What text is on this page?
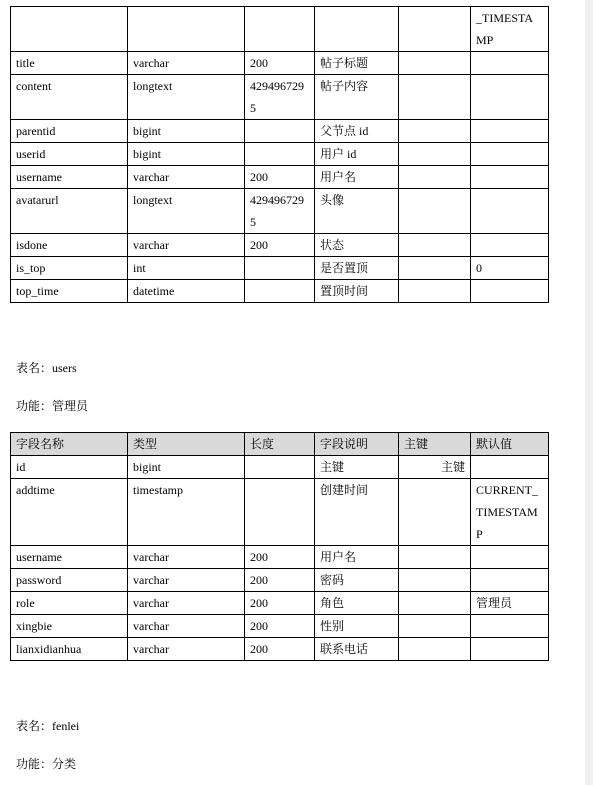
					_TIMESTAMP
title	varchar	200	帖子标题		
content	longtext	4294967295	帖子内容		
parentid	bigint		父节点 id		
userid	bigint		用户 id		
username	varchar	200	用户名		
avatarurl	longtext	4294967295	头像		
isdone	varchar	200	状态		
is_top	int		是否置顶		0
top_time	datetime		置顶时间		

表名：users

功能：管理员

字段名称	类型	长度	字段说明	主键	默认值
id	bigint		主键	主键	
addtime	timestamp		创建时间		CURRENT_TIMESTAMP
username	varchar	200	用户名		
password	varchar	200	密码		
role	varchar	200	角色		管理员
xingbie	varchar	200	性别		
lianxidianhua	varchar	200	联系电话		

表名：fenlei

功能：分类
